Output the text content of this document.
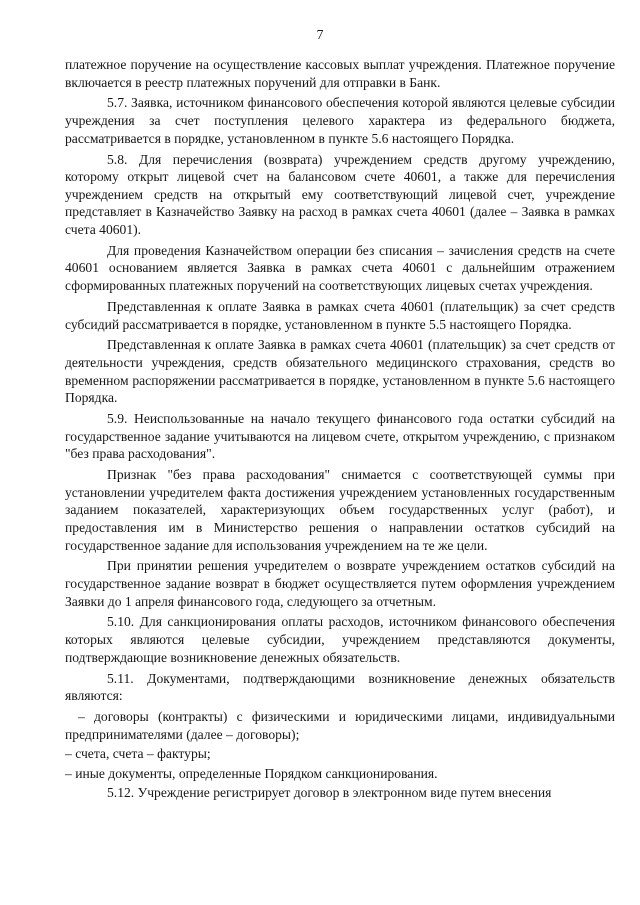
7

платежное поручение на осуществление кассовых выплат учреждения. Платежное поручение включается в реестр платежных поручений для отправки в Банк.

5.7. Заявка, источником финансового обеспечения которой являются целевые субсидии учреждения за счет поступления целевого характера из федерального бюджета, рассматривается в порядке, установленном в пункте 5.6 настоящего Порядка.

5.8. Для перечисления (возврата) учреждением средств другому учреждению, которому открыт лицевой счет на балансовом счете 40601, а также для перечисления учреждением средств на открытый ему соответствующий лицевой счет, учреждение представляет в Казначейство Заявку на расход в рамках счета 40601 (далее – Заявка в рамках счета 40601).

Для проведения Казначейством операции без списания – зачисления средств на счете 40601 основанием является Заявка в рамках счета 40601 с дальнейшим отражением сформированных платежных поручений на соответствующих лицевых счетах учреждения.

Представленная к оплате Заявка в рамках счета 40601 (плательщик) за счет средств субсидий рассматривается в порядке, установленном в пункте 5.5 настоящего Порядка.

Представленная к оплате Заявка в рамках счета 40601 (плательщик) за счет средств от деятельности учреждения, средств обязательного медицинского страхования, средств во временном распоряжении рассматривается в порядке, установленном в пункте 5.6 настоящего Порядка.

5.9. Неиспользованные на начало текущего финансового года остатки субсидий на государственное задание учитываются на лицевом счете, открытом учреждению, с признаком "без права расходования".

Признак "без права расходования" снимается с соответствующей суммы при установлении учредителем факта достижения учреждением установленных государственным заданием показателей, характеризующих объем государственных услуг (работ), и предоставления им в Министерство решения о направлении остатков субсидий на государственное задание для использования учреждением на те же цели.

При принятии решения учредителем о возврате учреждением остатков субсидий на государственное задание возврат в бюджет осуществляется путем оформления учреждением Заявки до 1 апреля финансового года, следующего за отчетным.

5.10. Для санкционирования оплаты расходов, источником финансового обеспечения которых являются целевые субсидии, учреждением представляются документы, подтверждающие возникновение денежных обязательств.

5.11. Документами, подтверждающими возникновение денежных обязательств являются:

– договоры (контракты) с физическими и юридическими лицами, индивидуальными предпринимателями (далее – договоры);

– счета, счета – фактуры;

– иные документы, определенные Порядком санкционирования.

5.12. Учреждение регистрирует договор в электронном виде путем внесения
